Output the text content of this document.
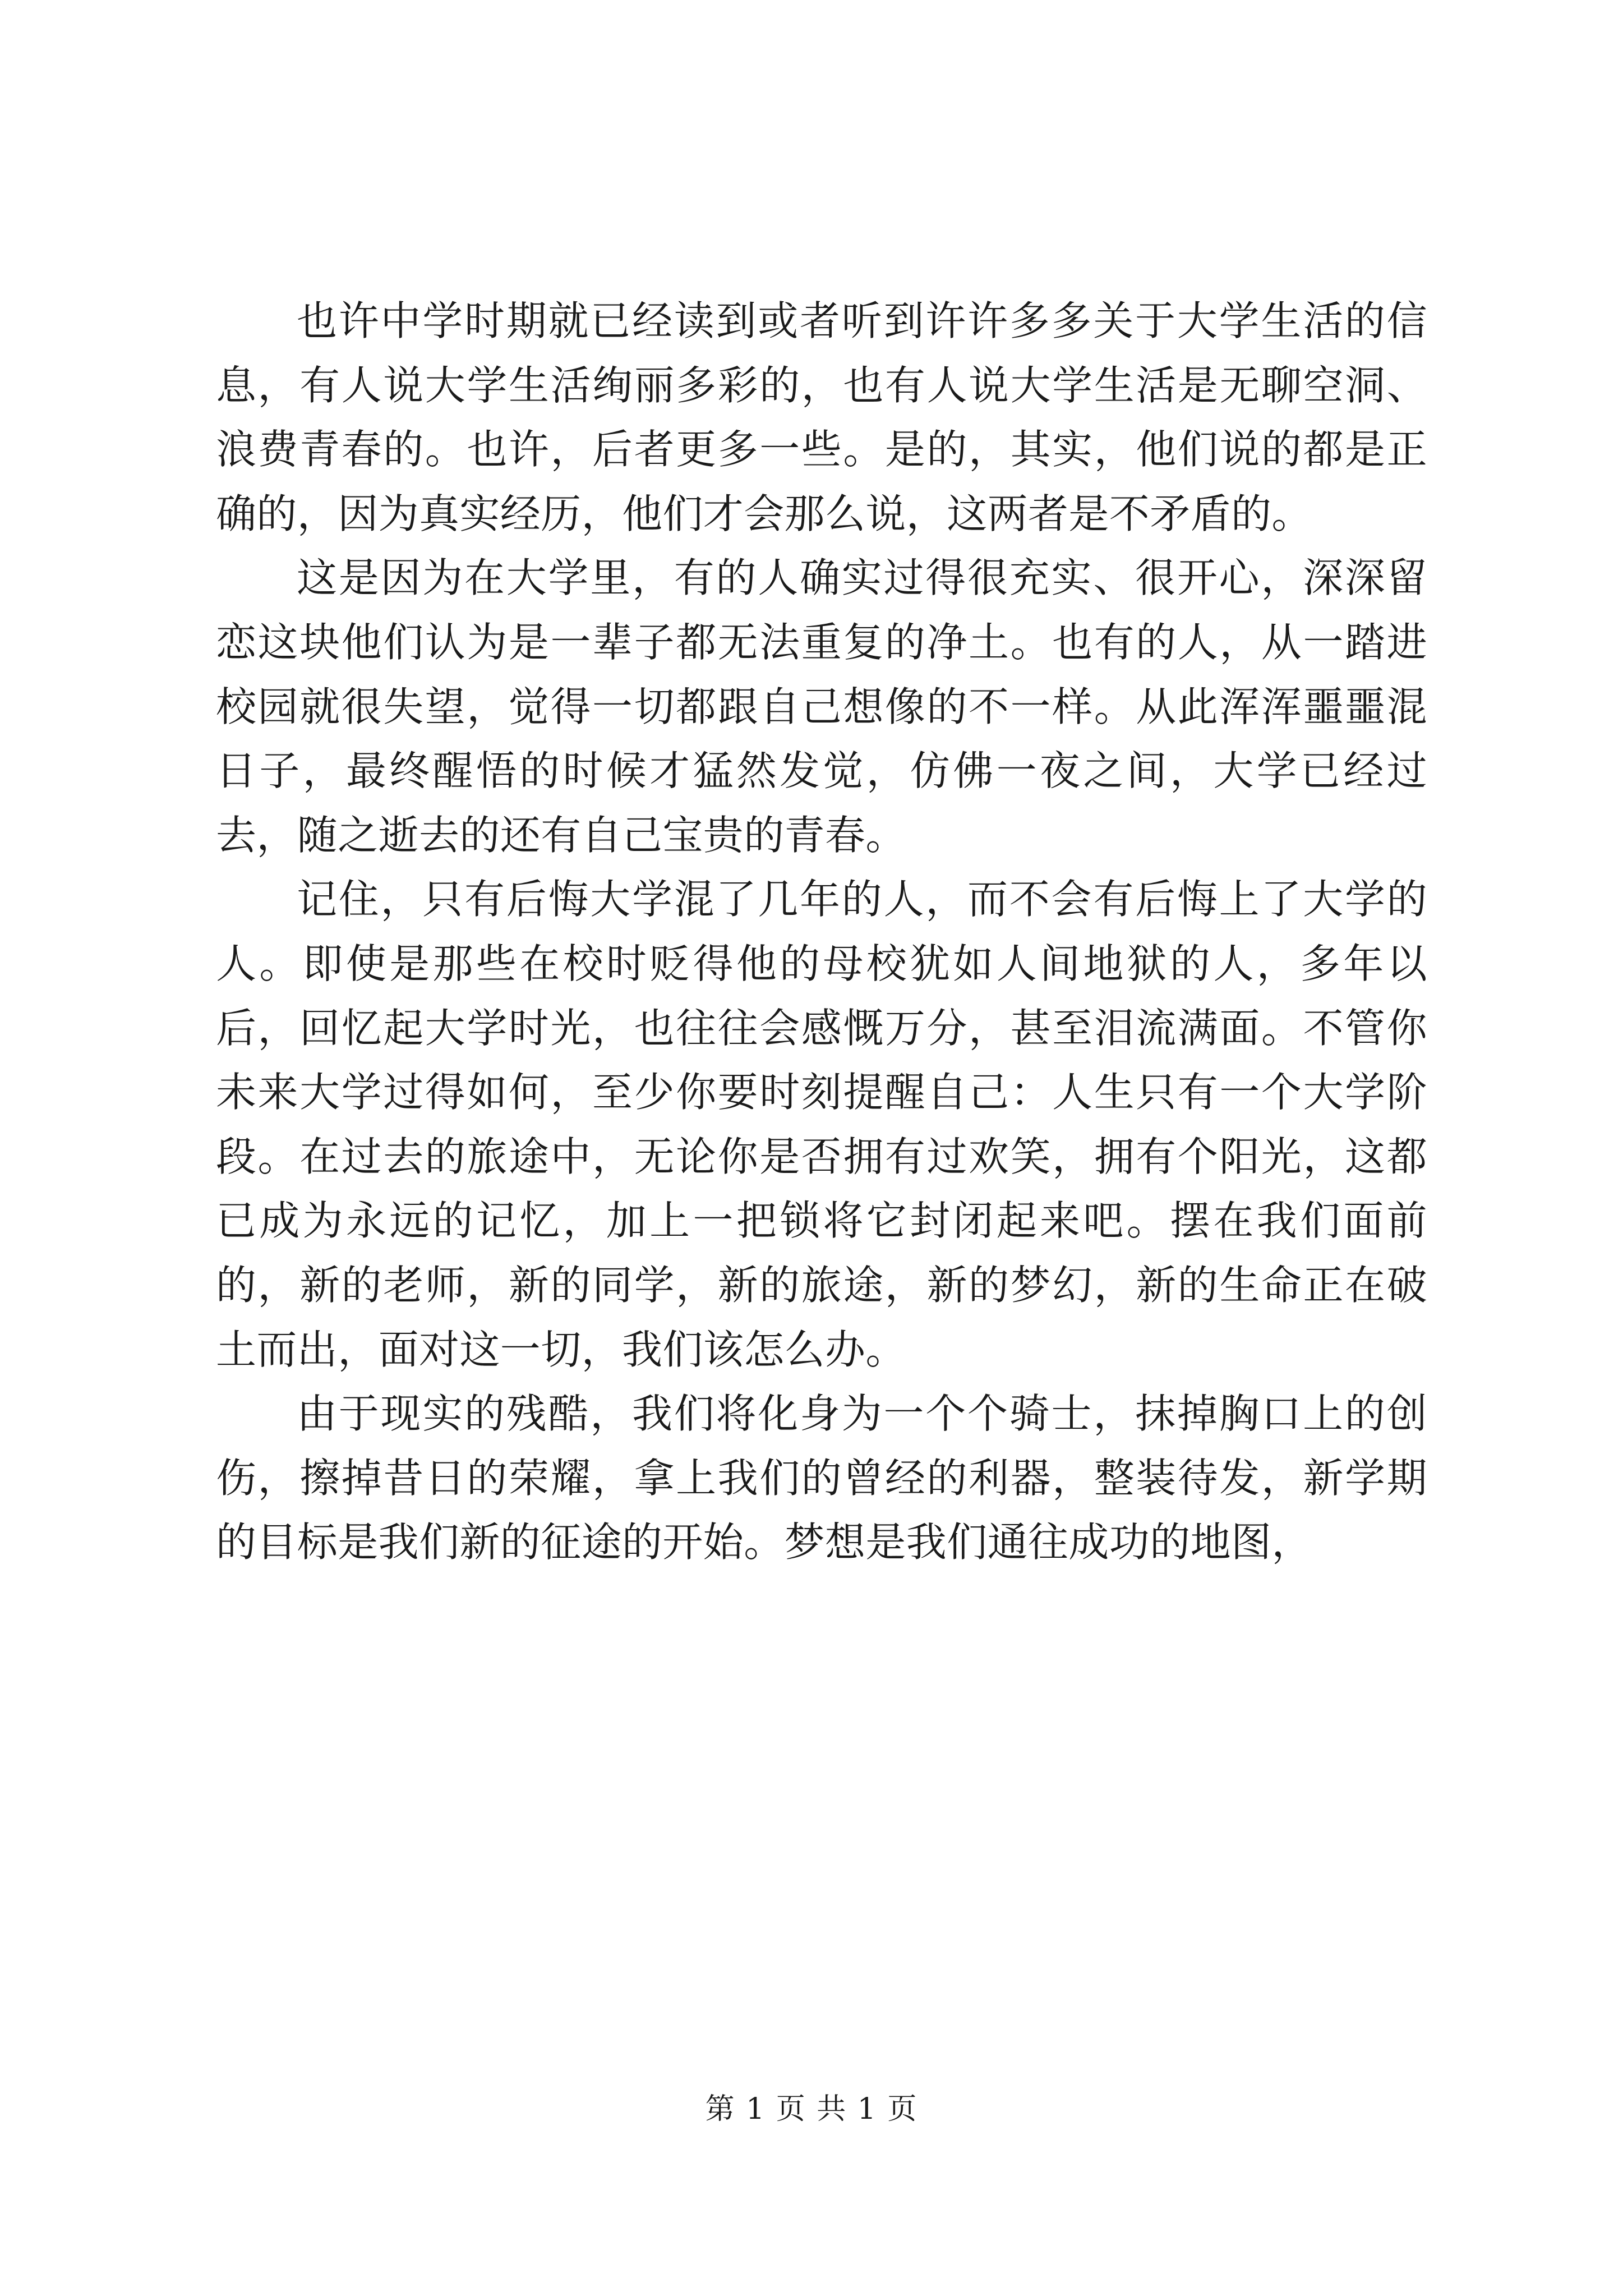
也许中学时期就已经读到或者听到许许多多关于大学生活的信息，有人说大学生活绚丽多彩的，也有人说大学生活是无聊空洞、浪费青春的。也许，后者更多一些。是的，其实，他们说的都是正确的，因为真实经历，他们才会那么说，这两者是不矛盾的。

这是因为在大学里，有的人确实过得很充实、很开心，深深留恋这块他们认为是一辈子都无法重复的净土。也有的人，从一踏进校园就很失望，觉得一切都跟自己想像的不一样。从此浑浑噩噩混日子，最终醒悟的时候才猛然发觉，仿佛一夜之间，大学已经过去，随之逝去的还有自己宝贵的青春。

记住，只有后悔大学混了几年的人，而不会有后悔上了大学的人。即使是那些在校时贬得他的母校犹如人间地狱的人，多年以后，回忆起大学时光，也往往会感慨万分，甚至泪流满面。不管你未来大学过得如何，至少你要时刻提醒自己：人生只有一个大学阶段。在过去的旅途中，无论你是否拥有过欢笑，拥有个阳光，这都已成为永远的记忆，加上一把锁将它封闭起来吧。摆在我们面前的，新的老师，新的同学，新的旅途，新的梦幻，新的生命正在破土而出，面对这一切，我们该怎么办。

由于现实的残酷，我们将化身为一个个骑士，抹掉胸口上的创伤，擦掉昔日的荣耀，拿上我们的曾经的利器，整装待发，新学期的目标是我们新的征途的开始。梦想是我们通往成功的地图，

第 1 页 共 1 页
